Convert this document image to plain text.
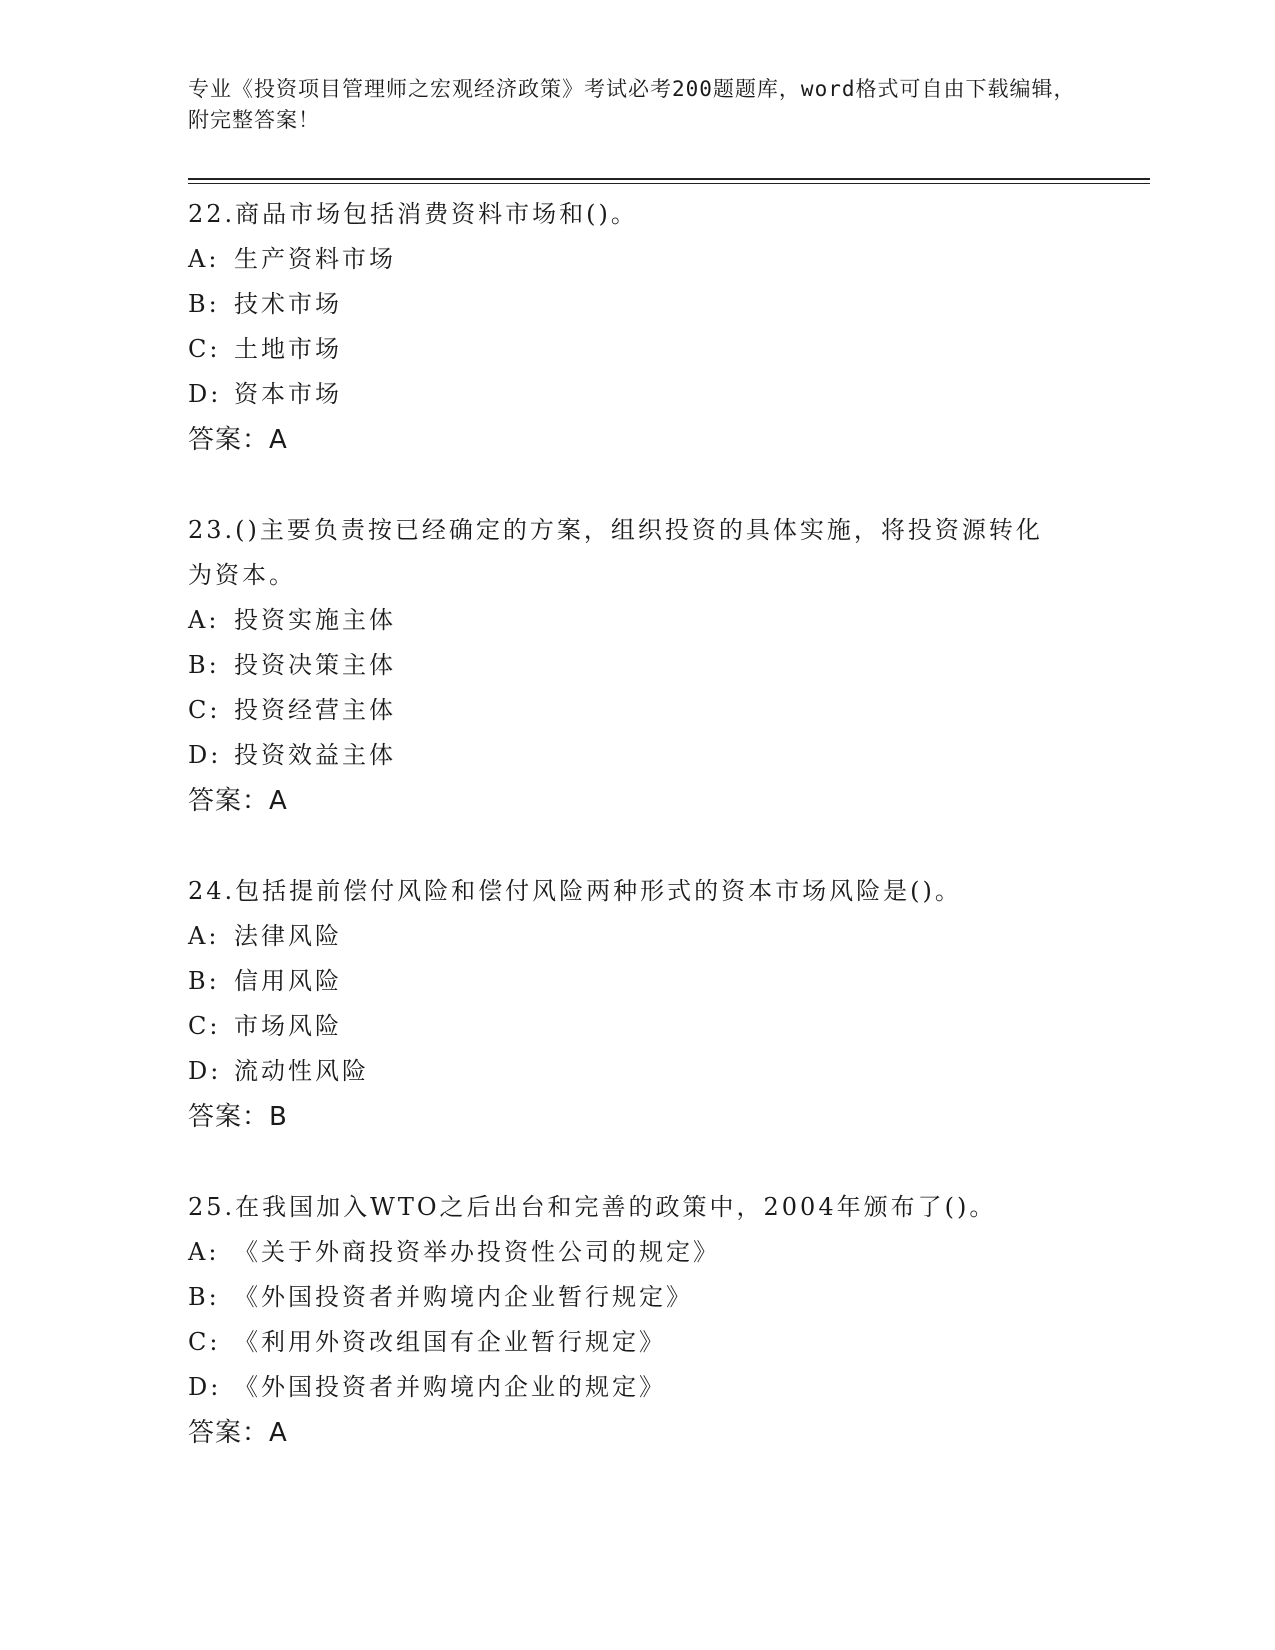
专业《投资项目管理师之宏观经济政策》考试必考200题题库，word格式可自由下载编辑，附完整答案！

22.商品市场包括消费资料市场和()。

A: 生产资料市场

B: 技术市场

C: 土地市场

D: 资本市场

答案：A

23.()主要负责按已经确定的方案，组织投资的具体实施，将投资源转化为资本。

A: 投资实施主体

B: 投资决策主体

C: 投资经营主体

D: 投资效益主体

答案：A

24.包括提前偿付风险和偿付风险两种形式的资本市场风险是()。

A: 法律风险

B: 信用风险

C: 市场风险

D: 流动性风险

答案：B

25.在我国加入WTO之后出台和完善的政策中，2004年颁布了()。

A: 《关于外商投资举办投资性公司的规定》

B: 《外国投资者并购境内企业暂行规定》

C: 《利用外资改组国有企业暂行规定》

D: 《外国投资者并购境内企业的规定》

答案：A
